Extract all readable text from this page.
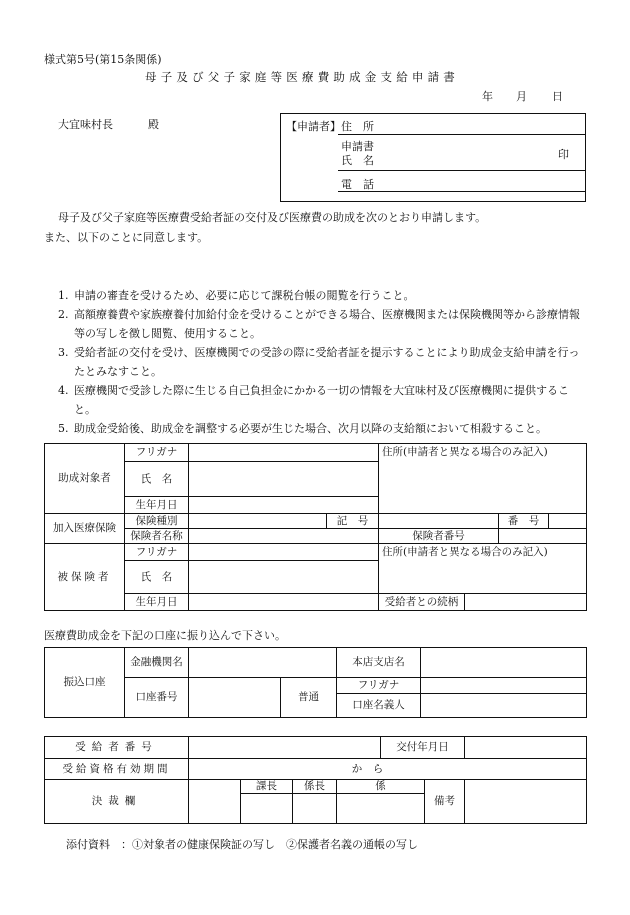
様式第5号(第15条関係)
母子及び父子家庭等医療費助成金支給申請書
年 月 日
大宜味村長	殿	【申請者】 住　所
申請書
氏　名	印
電　話
母子及び父子家庭等医療費受給者証の交付及び医療費の助成を次のとおり申請します。
また、以下のことに同意します。
1. 申請の審査を受けるため、必要に応じて課税台帳の閲覧を行うこと。
2. 高額療養費や家族療養付加給付金を受けることができる場合、医療機関または保険機関等から診療情報等の写しを徴し閲覧、使用すること。
3. 受給者証の交付を受け、医療機関での受診の際に受給者証を提示することにより助成金支給申請を行ったとみなすこと。
4. 医療機関で受診した際に生じる自己負担金にかかる一切の情報を大宜味村及び医療機関に提供すること。
5. 助成金受給後、助成金を調整する必要が生じた場合、次月以降の支給額において相殺すること。
助成対象者	フリガナ			住所(申請者と異なる場合のみ記入)			
	氏　名						
	生年月日						
加入医療保険	保険種別		記　号			番　号	
	保険者名称			保険者番号			
被保険者	フリガナ			住所(申請者と異なる場合のみ記入)			
	氏　名						
	生年月日			受給者との続柄			
医療費助成金を下記の口座に振り込んで下さい。
振込口座	金融機関名			本店支店名	
	口座番号		普通	フリガナ	
				口座名義人	
受給者番号					交付年月日		
受給資格有効期間	か　ら						
決裁欄		課長	係長	係		備考	

添付資料　：①対象者の健康保険証の写し　②保護者名義の通帳の写し
